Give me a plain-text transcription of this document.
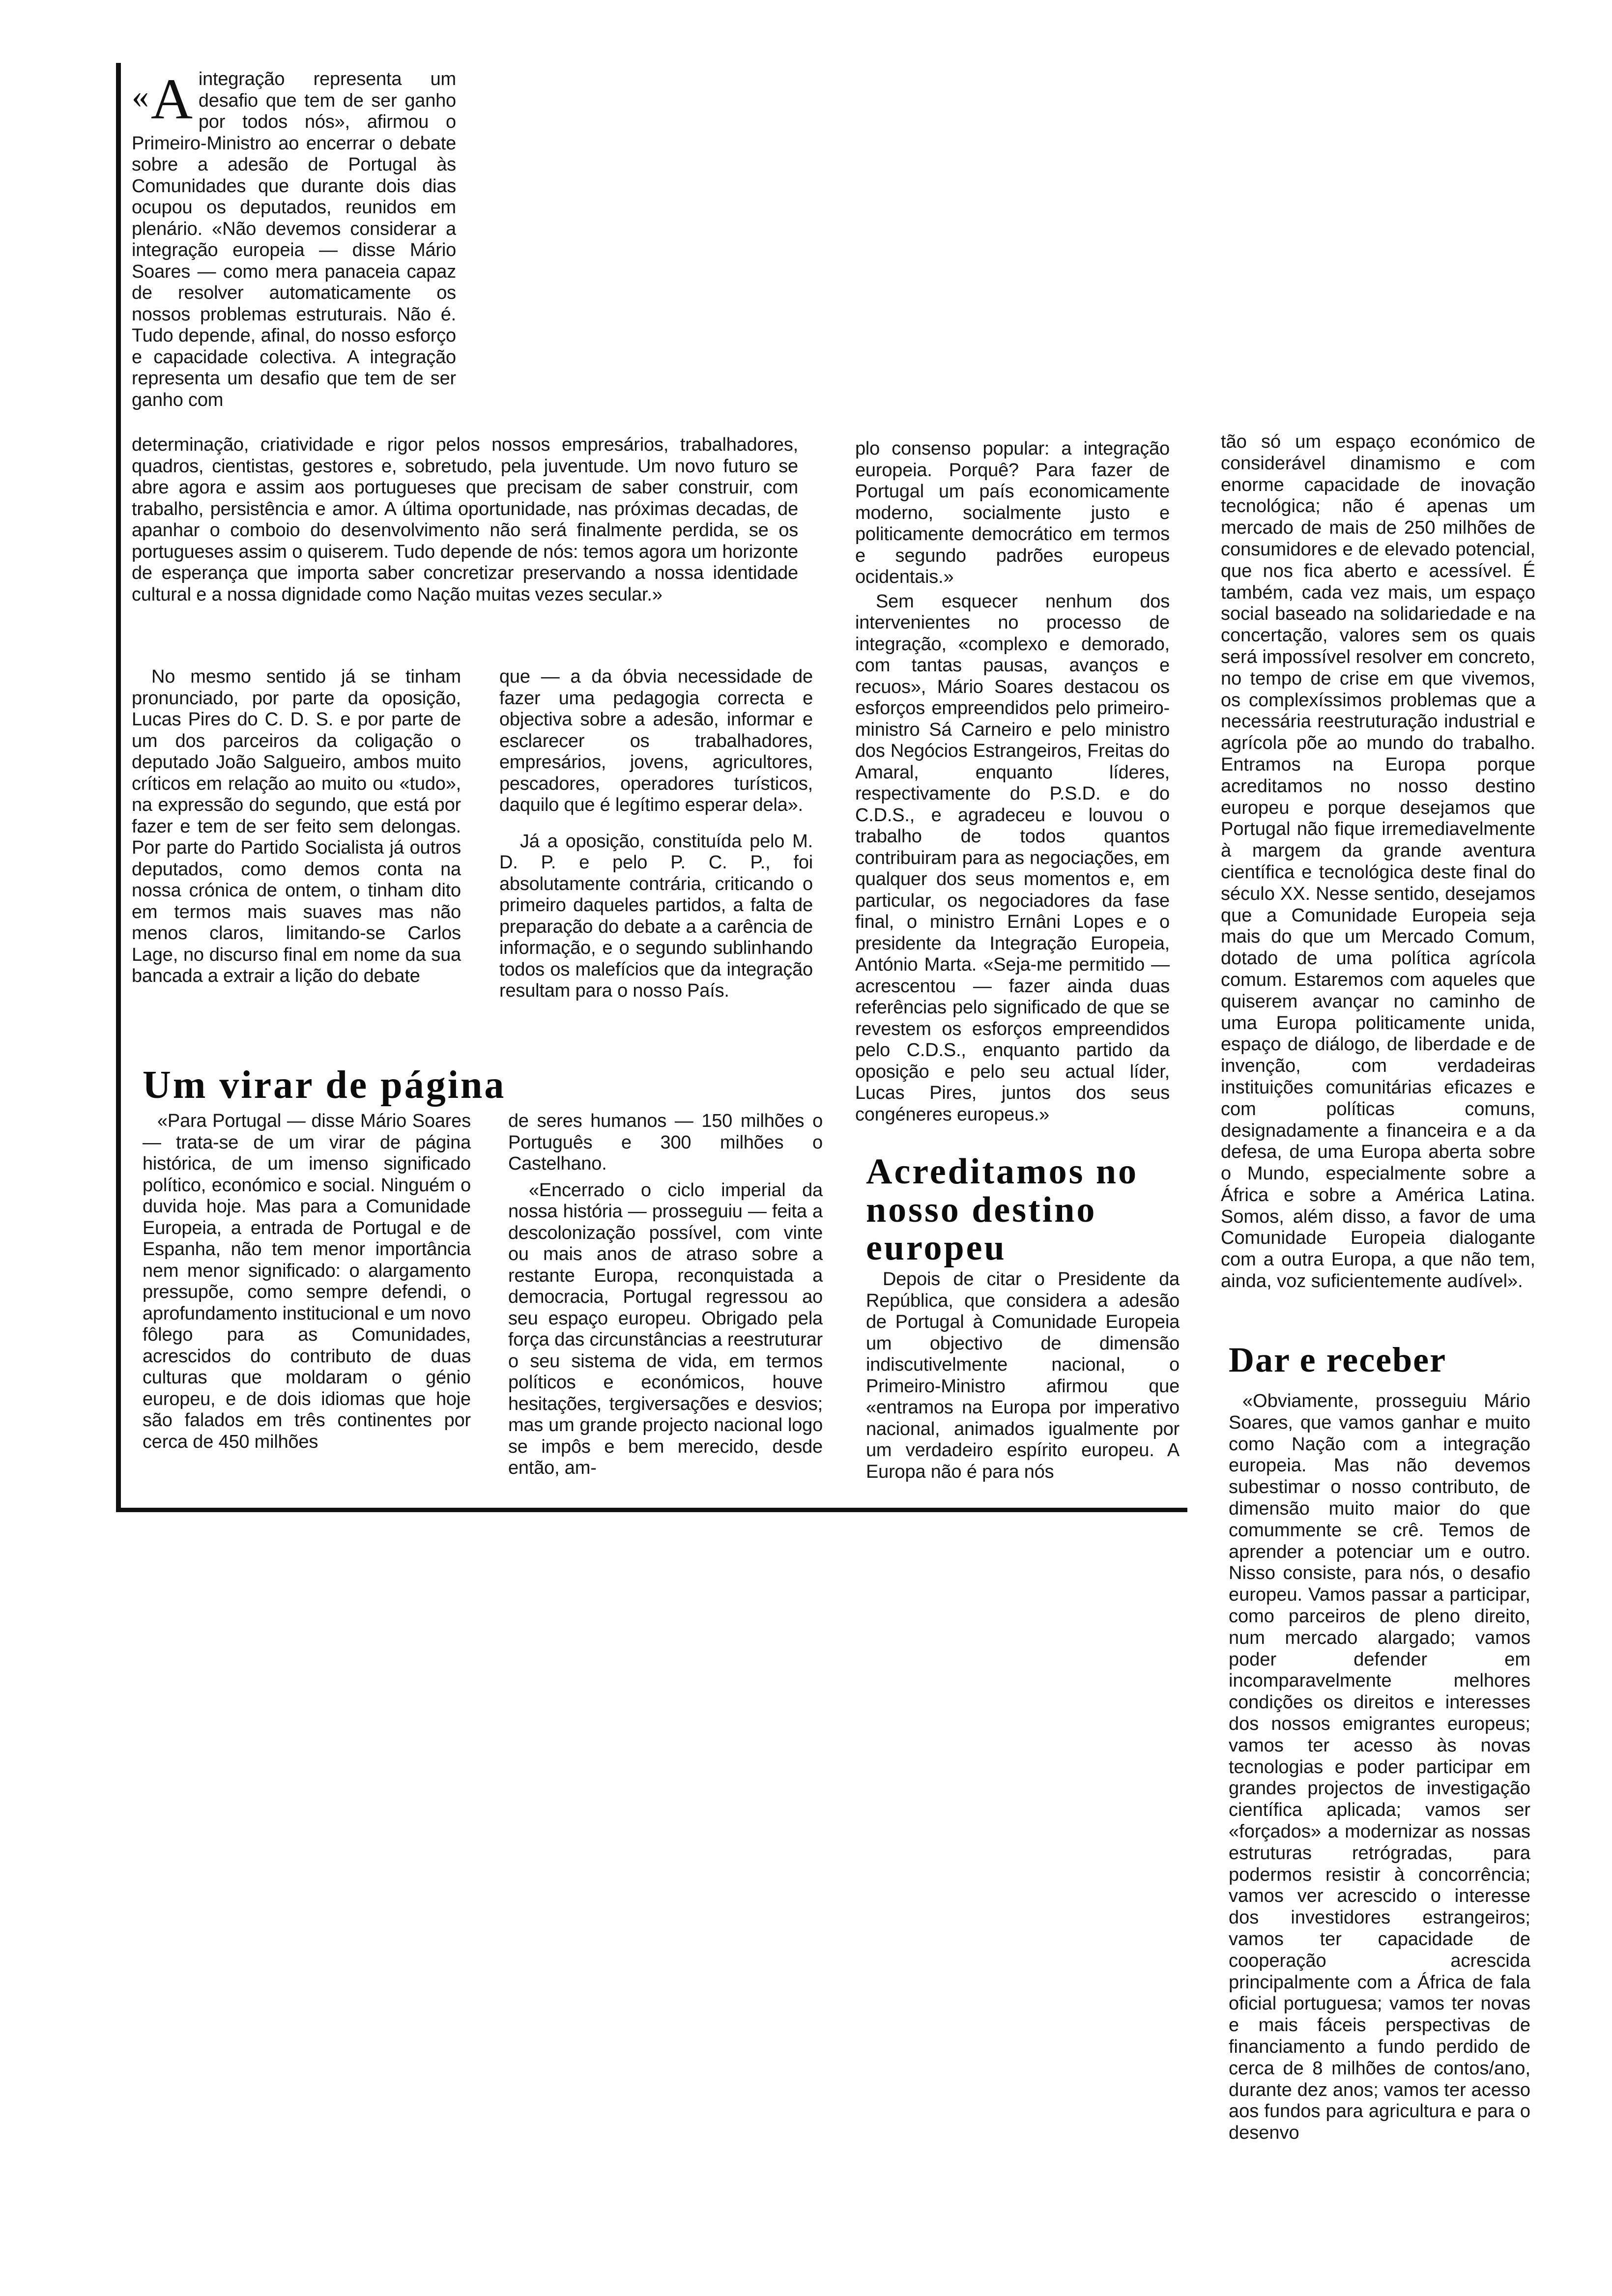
«A integração representa um desafio que tem de ser ganho por todos nós», afirmou o Primeiro-Ministro ao encerrar o debate sobre a adesão de Portugal às Comunidades que durante dois dias ocupou os deputados, reunidos em plenário. «Não devemos considerar a integração europeia — disse Mário Soares — como mera panaceia capaz de resolver automaticamente os nossos problemas estruturais. Não é. Tudo depende, afinal, do nosso esforço e capacidade colectiva. A integração representa um desafio que tem de ser ganho com

determinação, criatividade e rigor pelos nossos empresários, trabalhadores, quadros, cientistas, gestores e, sobretudo, pela juventude. Um novo futuro se abre agora e assim aos portugueses que precisam de saber construir, com trabalho, persistência e amor. A última oportunidade, nas próximas decadas, de apanhar o comboio do desenvolvimento não será finalmente perdida, se os portugueses assim o quiserem. Tudo depende de nós: temos agora um horizonte de esperança que importa saber concretizar preservando a nossa identidade cultural e a nossa dignidade como Nação muitas vezes secular.»

No mesmo sentido já se tinham pronunciado, por parte da oposição, Lucas Pires do C. D. S. e por parte de um dos parceiros da coligação o deputado João Salgueiro, ambos muito críticos em relação ao muito ou «tudo», na expressão do segundo, que está por fazer e tem de ser feito sem delongas. Por parte do Partido Socialista já outros deputados, como demos conta na nossa crónica de ontem, o tinham dito em termos mais suaves mas não menos claros, limitando-se Carlos Lage, no discurso final em nome da sua bancada a extrair a lição do debate

que — a da óbvia necessidade de fazer uma pedagogia correcta e objectiva sobre a adesão, informar e esclarecer os trabalhadores, empresários, jovens, agricultores, pescadores, operadores turísticos, daquilo que é legítimo esperar dela».

Já a oposição, constituída pelo M. D. P. e pelo P. C. P., foi absolutamente contrária, criticando o primeiro daqueles partidos, a falta de preparação do debate a a carência de informação, e o segundo sublinhando todos os malefícios que da integração resultam para o nosso País.

Um virar de página

«Para Portugal — disse Mário Soares — trata-se de um virar de página histórica, de um imenso significado político, económico e social. Ninguém o duvida hoje. Mas para a Comunidade Europeia, a entrada de Portugal e de Espanha, não tem menor importância nem menor significado: o alargamento pressupõe, como sempre defendi, o aprofundamento institucional e um novo fôlego para as Comunidades, acrescidos do contributo de duas culturas que moldaram o génio europeu, e de dois idiomas que hoje são falados em três continentes por cerca de 450 milhões

de seres humanos — 150 milhões o Português e 300 milhões o Castelhano.

«Encerrado o ciclo imperial da nossa história — prosseguiu — feita a descolonização possível, com vinte ou mais anos de atraso sobre a restante Europa, reconquistada a democracia, Portugal regressou ao seu espaço europeu. Obrigado pela força das circunstâncias a reestruturar o seu sistema de vida, em termos políticos e económicos, houve hesitações, tergiversações e desvios; mas um grande projecto nacional logo se impôs e bem merecido, desde então, am-

plo consenso popular: a integração europeia. Porquê? Para fazer de Portugal um país economicamente moderno, socialmente justo e politicamente democrático em termos e segundo padrões europeus ocidentais.»

Sem esquecer nenhum dos intervenientes no processo de integração, «complexo e demorado, com tantas pausas, avanços e recuos», Mário Soares destacou os esforços empreendidos pelo primeiro-ministro Sá Carneiro e pelo ministro dos Negócios Estrangeiros, Freitas do Amaral, enquanto líderes, respectivamente do P.S.D. e do C.D.S., e agradeceu e louvou o trabalho de todos quantos contribuiram para as negociações, em qualquer dos seus momentos e, em particular, os negociadores da fase final, o ministro Ernâni Lopes e o presidente da Integração Europeia, António Marta. «Seja-me permitido — acrescentou — fazer ainda duas referências pelo significado de que se revestem os esforços empreendidos pelo C.D.S., enquanto partido da oposição e pelo seu actual líder, Lucas Pires, juntos dos seus congéneres europeus.»

Acreditamos no nosso destino europeu

Depois de citar o Presidente da República, que considera a adesão de Portugal à Comunidade Europeia um objectivo de dimensão indiscutivelmente nacional, o Primeiro-Ministro afirmou que «entramos na Europa por imperativo nacional, animados igualmente por um verdadeiro espírito europeu. A Europa não é para nós

tão só um espaço económico de considerável dinamismo e com enorme capacidade de inovação tecnológica; não é apenas um mercado de mais de 250 milhões de consumidores e de elevado potencial, que nos fica aberto e acessível. É também, cada vez mais, um espaço social baseado na solidariedade e na concertação, valores sem os quais será impossível resolver em concreto, no tempo de crise em que vivemos, os complexíssimos problemas que a necessária reestruturação industrial e agrícola põe ao mundo do trabalho. Entramos na Europa porque acreditamos no nosso destino europeu e porque desejamos que Portugal não fique irremediavelmente à margem da grande aventura científica e tecnológica deste final do século XX. Nesse sentido, desejamos que a Comunidade Europeia seja mais do que um Mercado Comum, dotado de uma política agrícola comum. Estaremos com aqueles que quiserem avançar no caminho de uma Europa politicamente unida, espaço de diálogo, de liberdade e de invenção, com verdadeiras instituições comunitárias eficazes e com políticas comuns, designadamente a financeira e a da defesa, de uma Europa aberta sobre o Mundo, especialmente sobre a África e sobre a América Latina. Somos, além disso, a favor de uma Comunidade Europeia dialogante com a outra Europa, a que não tem, ainda, voz suficientemente audível».

Dar e receber

«Obviamente, prosseguiu Mário Soares, que vamos ganhar e muito como Nação com a integração europeia. Mas não devemos subestimar o nosso contributo, de dimensão muito maior do que comummente se crê. Temos de aprender a potenciar um e outro. Nisso consiste, para nós, o desafio europeu. Vamos passar a participar, como parceiros de pleno direito, num mercado alargado; vamos poder defender em incomparavelmente melhores condições os direitos e interesses dos nossos emigrantes europeus; vamos ter acesso às novas tecnologias e poder participar em grandes projectos de investigação científica aplicada; vamos ser «forçados» a modernizar as nossas estruturas retrógradas, para podermos resistir à concorrência; vamos ver acrescido o interesse dos investidores estrangeiros; vamos ter capacidade de cooperação acrescida principalmente com a África de fala oficial portuguesa; vamos ter novas e mais fáceis perspectivas de financiamento a fundo perdido de cerca de 8 milhões de contos/ano, durante dez anos; vamos ter acesso aos fundos para agricultura e para o desenvo
